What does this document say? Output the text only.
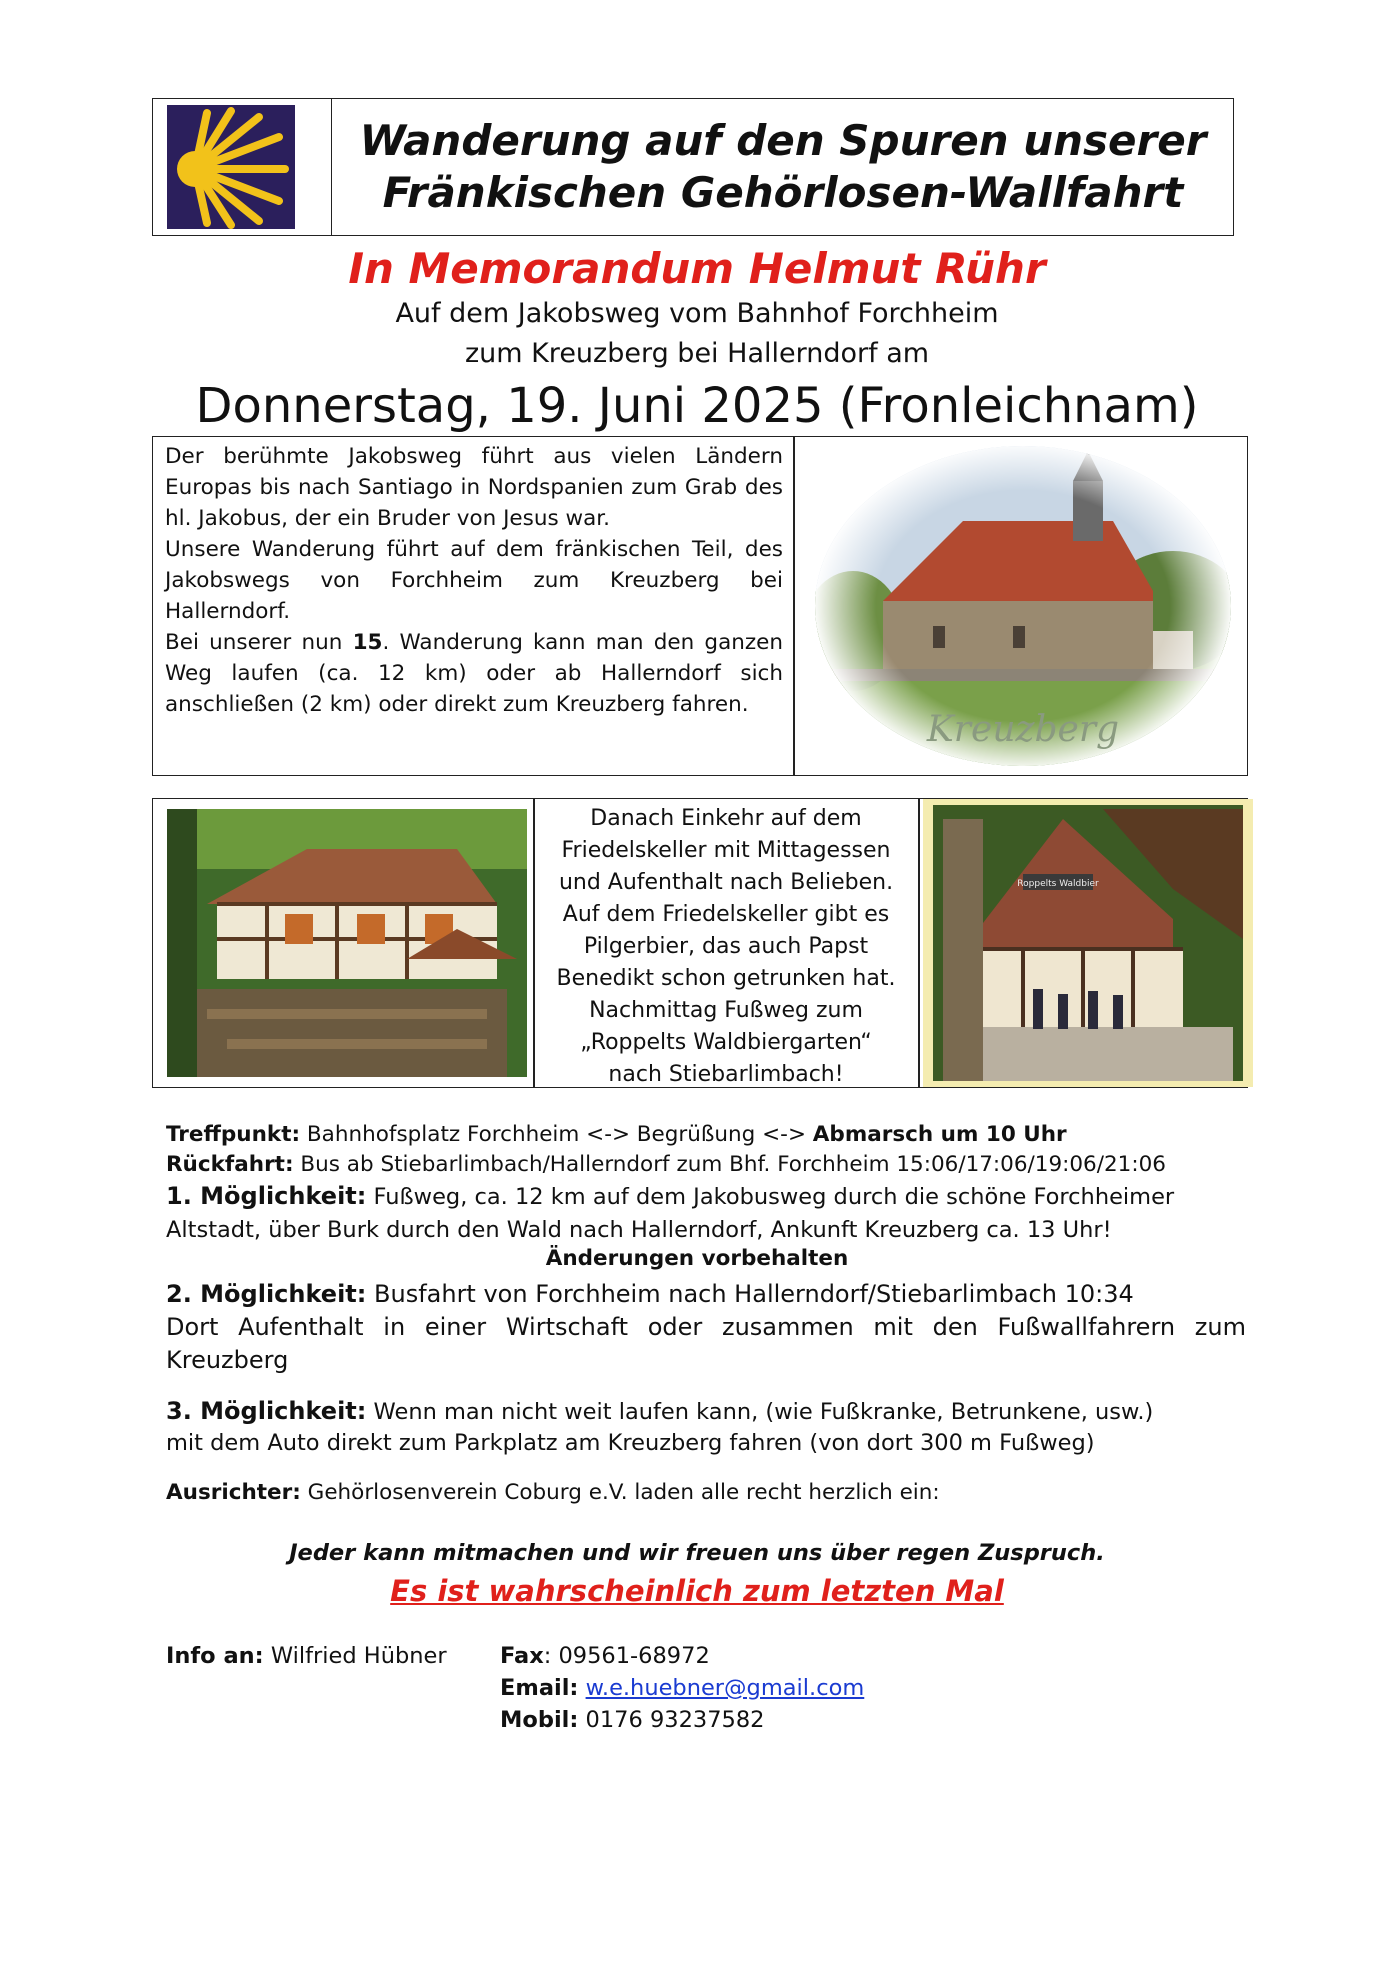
Wanderung auf den Spuren unserer
Fränkischen Gehörlosen-Wallfahrt
In Memorandum Helmut Rühr
Auf dem Jakobsweg vom Bahnhof Forchheim
zum Kreuzberg bei Hallerndorf am
Donnerstag, 19. Juni 2025 (Fronleichnam)

Der berühmte Jakobsweg führt aus vielen Ländern Europas bis nach Santiago in Nordspanien zum Grab des hl. Jakobus, der ein Bruder von Jesus war.

Unsere Wanderung führt auf dem fränkischen Teil, des Jakobswegs von Forchheim zum Kreuzberg bei Hallerndorf.

Bei unserer nun 15. Wanderung kann man den ganzen Weg laufen (ca. 12 km) oder ab Hallerndorf sich anschließen (2 km) oder direkt zum Kreuzberg fahren.

Kreuzberg
Danach Einkehr auf dem
Friedelskeller mit Mittagessen
und Aufenthalt nach Belieben.
Auf dem Friedelskeller gibt es
Pilgerbier, das auch Papst
Benedikt schon getrunken hat.
Nachmittag Fußweg zum
„Roppelts Waldbiergarten“
nach Stiebarlimbach!
Roppelts Waldbier
Treffpunkt: Bahnhofsplatz Forchheim <-> Begrüßung <-> Abmarsch um 10 Uhr
Rückfahrt: Bus ab Stiebarlimbach/Hallerndorf zum Bhf. Forchheim 15:06/17:06/19:06/21:06
1. Möglichkeit: Fußweg, ca. 12 km auf dem Jakobusweg durch die schöne Forchheimer Altstadt, über Burk durch den Wald nach Hallerndorf, Ankunft Kreuzberg ca. 13 Uhr!
Änderungen vorbehalten
2. Möglichkeit: Busfahrt von Forchheim nach Hallerndorf/Stiebarlimbach 10:34
Dort Aufenthalt in einer Wirtschaft oder zusammen mit den Fußwallfahrern zum Kreuzberg
3. Möglichkeit: Wenn man nicht weit laufen kann, (wie Fußkranke, Betrunkene, usw.)
mit dem Auto direkt zum Parkplatz am Kreuzberg fahren (von dort 300 m Fußweg)
Ausrichter: Gehörlosenverein Coburg e.V. laden alle recht herzlich ein:
Jeder kann mitmachen und wir freuen uns über regen Zuspruch.
Es ist wahrscheinlich zum letzten Mal
Info an: Wilfried Hübner Fax: 09561-68972
Email: w.e.huebner@gmail.com
Mobil: 0176 93237582
